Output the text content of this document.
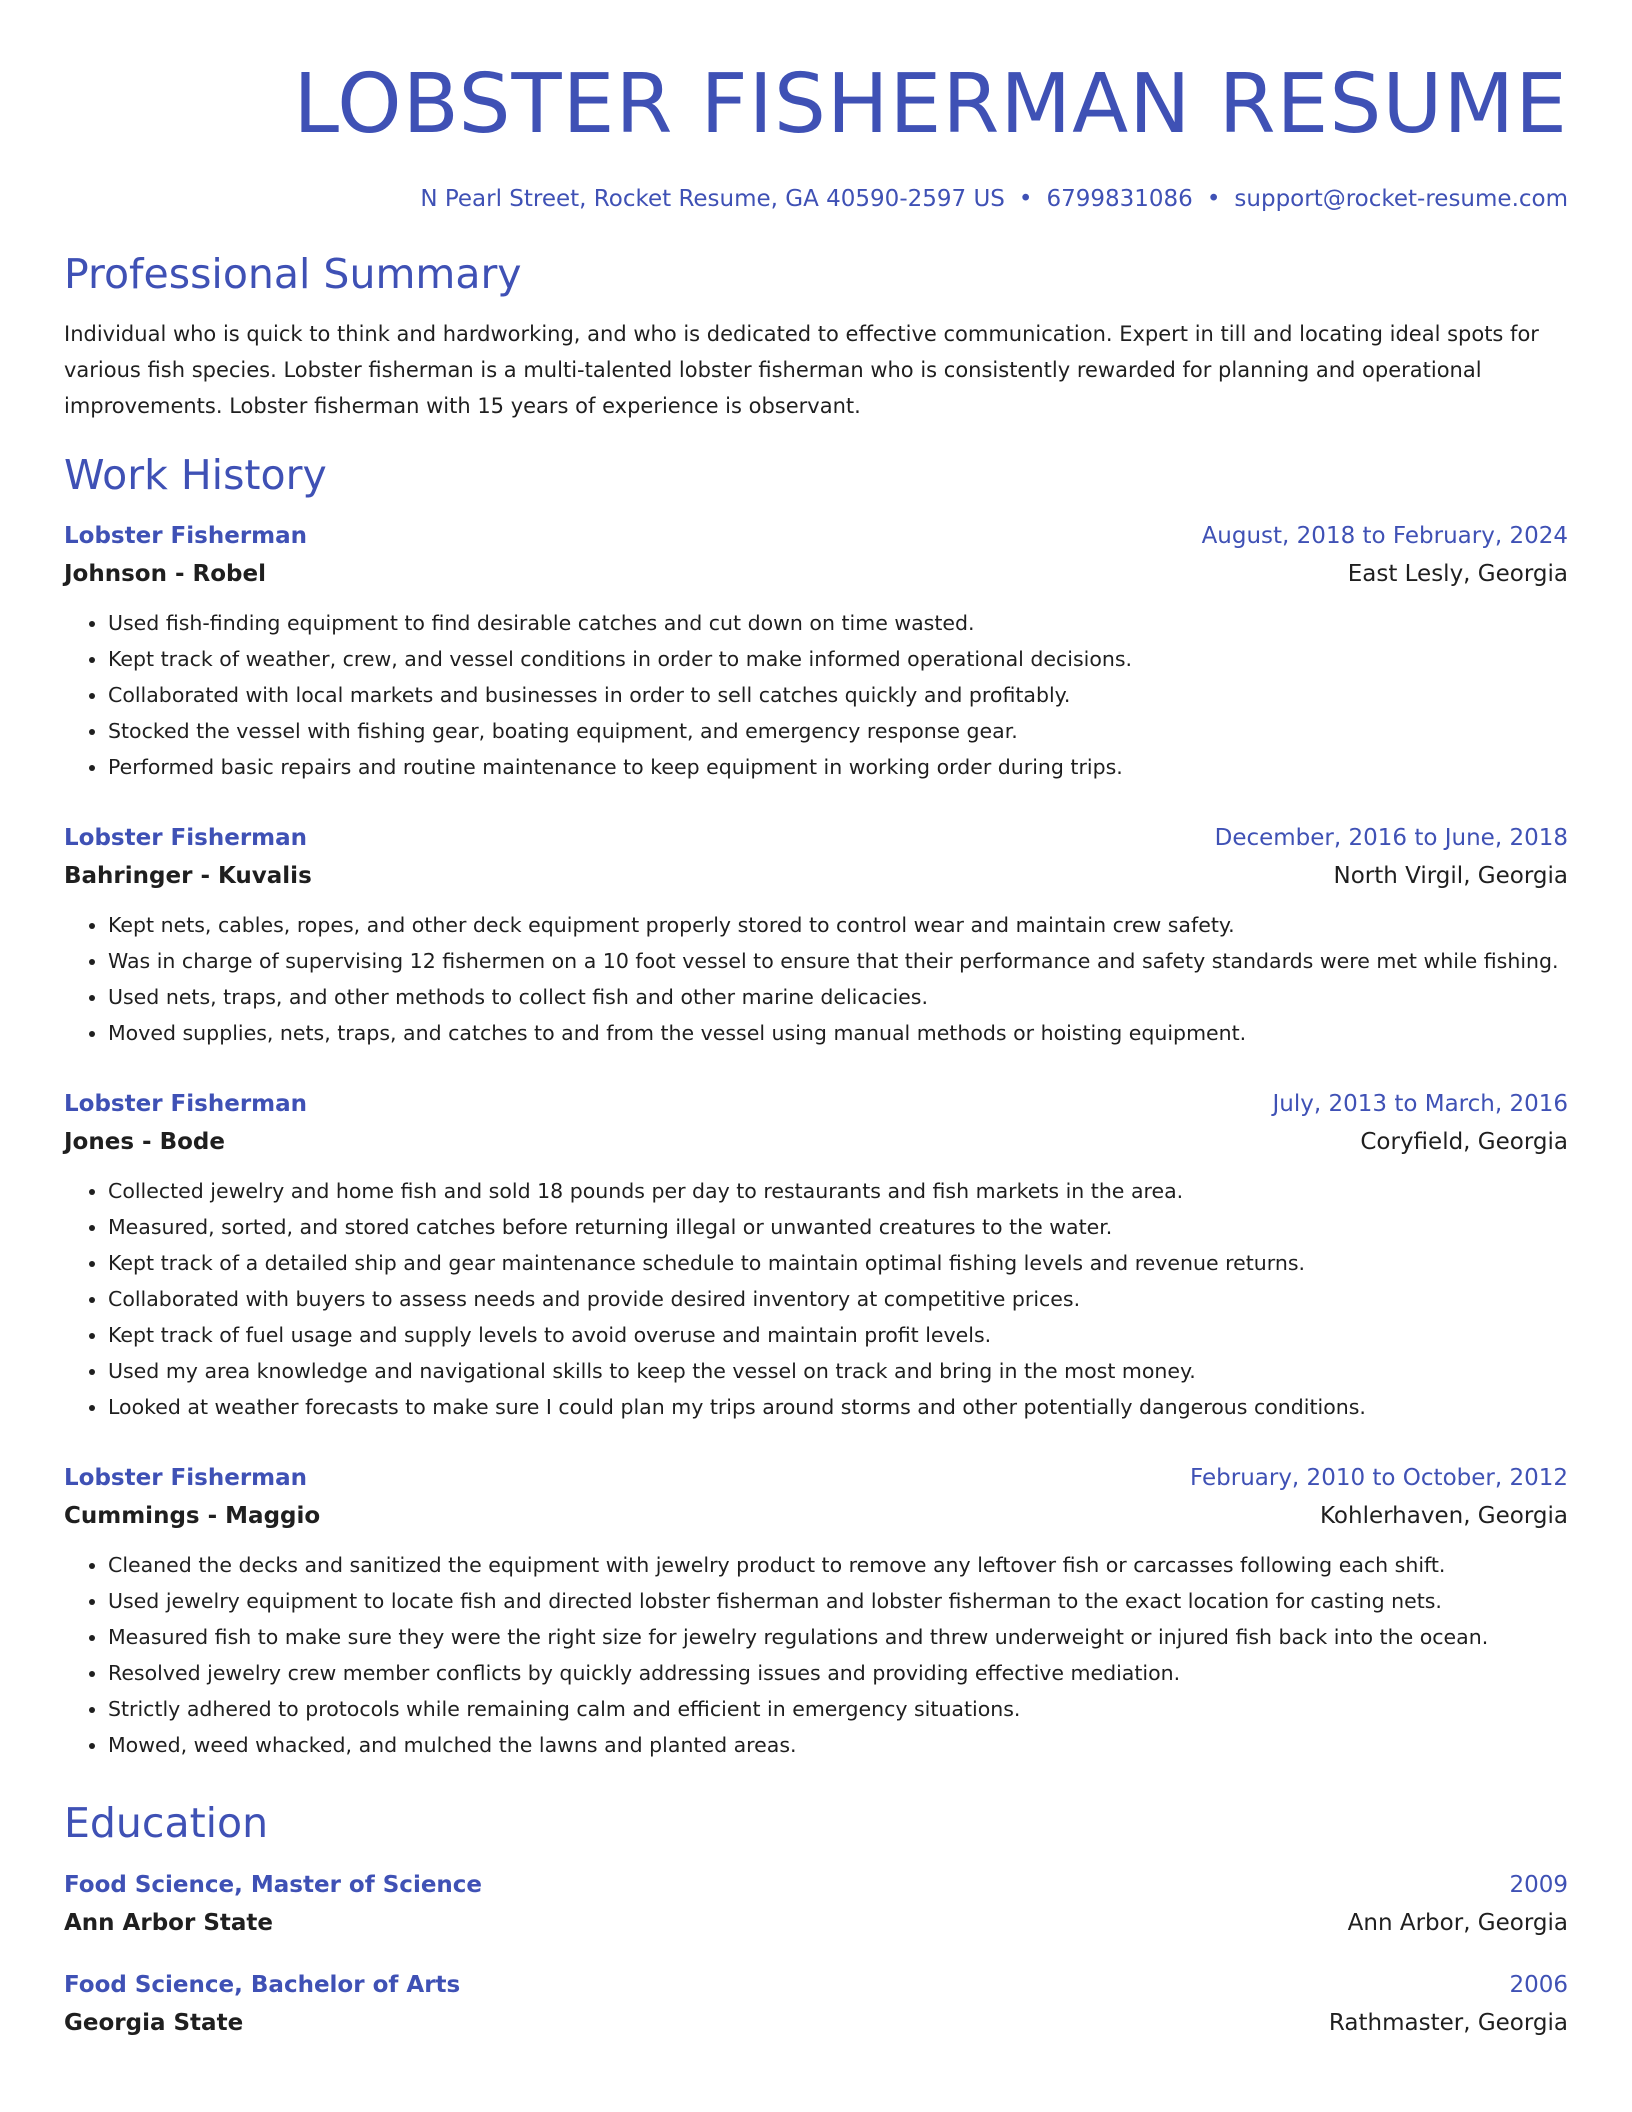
LOBSTER FISHERMAN RESUME
N Pearl Street, Rocket Resume, GA 40590-2597 US • 6799831086 • support@rocket-resume.com
Professional Summary

Individual who is quick to think and hardworking, and who is dedicated to effective communication. Expert in till and locating ideal spots for various fish species. Lobster fisherman is a multi-talented lobster fisherman who is consistently rewarded for planning and operational improvements. Lobster fisherman with 15 years of experience is observant.

Work History
Lobster Fisherman	August, 2018 to February, 2024
Johnson - Robel	East Lesly, Georgia
• Used fish-finding equipment to find desirable catches and cut down on time wasted.
• Kept track of weather, crew, and vessel conditions in order to make informed operational decisions.
• Collaborated with local markets and businesses in order to sell catches quickly and profitably.
• Stocked the vessel with fishing gear, boating equipment, and emergency response gear.
• Performed basic repairs and routine maintenance to keep equipment in working order during trips.
Lobster Fisherman	December, 2016 to June, 2018
Bahringer - Kuvalis	North Virgil, Georgia
• Kept nets, cables, ropes, and other deck equipment properly stored to control wear and maintain crew safety.
• Was in charge of supervising 12 fishermen on a 10 foot vessel to ensure that their performance and safety standards were met while fishing.
• Used nets, traps, and other methods to collect fish and other marine delicacies.
• Moved supplies, nets, traps, and catches to and from the vessel using manual methods or hoisting equipment.
Lobster Fisherman	July, 2013 to March, 2016
Jones - Bode	Coryfield, Georgia
• Collected jewelry and home fish and sold 18 pounds per day to restaurants and fish markets in the area.
• Measured, sorted, and stored catches before returning illegal or unwanted creatures to the water.
• Kept track of a detailed ship and gear maintenance schedule to maintain optimal fishing levels and revenue returns.
• Collaborated with buyers to assess needs and provide desired inventory at competitive prices.
• Kept track of fuel usage and supply levels to avoid overuse and maintain profit levels.
• Used my area knowledge and navigational skills to keep the vessel on track and bring in the most money.
• Looked at weather forecasts to make sure I could plan my trips around storms and other potentially dangerous conditions.
Lobster Fisherman	February, 2010 to October, 2012
Cummings - Maggio	Kohlerhaven, Georgia
• Cleaned the decks and sanitized the equipment with jewelry product to remove any leftover fish or carcasses following each shift.
• Used jewelry equipment to locate fish and directed lobster fisherman and lobster fisherman to the exact location for casting nets.
• Measured fish to make sure they were the right size for jewelry regulations and threw underweight or injured fish back into the ocean.
• Resolved jewelry crew member conflicts by quickly addressing issues and providing effective mediation.
• Strictly adhered to protocols while remaining calm and efficient in emergency situations.
• Mowed, weed whacked, and mulched the lawns and planted areas.
Education
Food Science, Master of Science	2009
Ann Arbor State	Ann Arbor, Georgia
Food Science, Bachelor of Arts	2006
Georgia State	Rathmaster, Georgia
